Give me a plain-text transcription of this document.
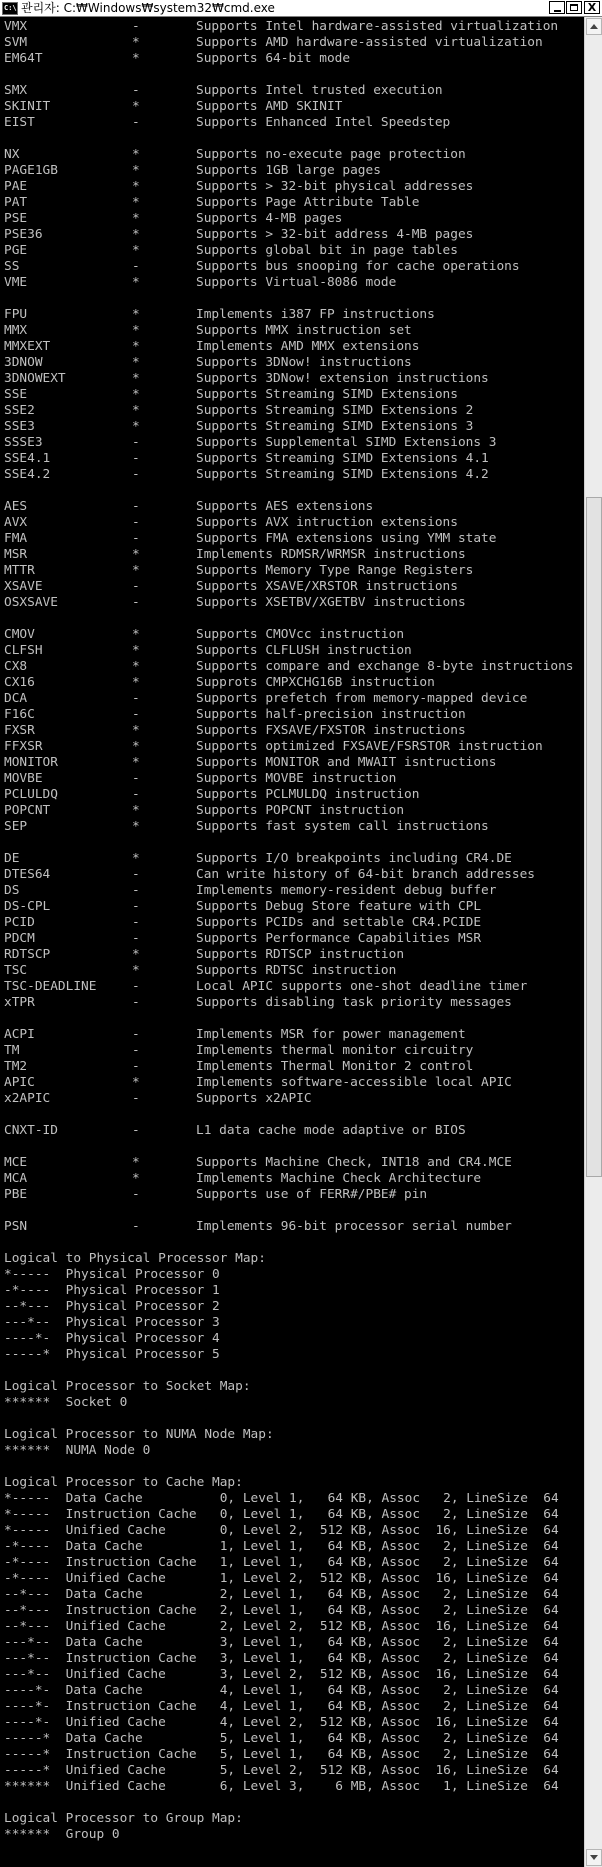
C:\ 관리자: C:₩Windows₩system32₩cmd.exe	X
VMX	-	Supports Intel hardware-assisted virtualization
SVM	*	Supports AMD hardware-assisted virtualization
EM64T	*	Supports 64-bit mode
SMX	-	Supports Intel trusted execution
SKINIT	*	Supports AMD SKINIT
EIST	-	Supports Enhanced Intel Speedstep
NX	*	Supports no-execute page protection
PAGE1GB	*	Supports 1GB large pages
PAE	*	Supports > 32-bit physical addresses
PAT	*	Supports Page Attribute Table
PSE	*	Supports 4-MB pages
PSE36	*	Supports > 32-bit address 4-MB pages
PGE	*	Supports global bit in page tables
SS	-	Supports bus snooping for cache operations
VME	*	Supports Virtual-8086 mode
FPU	*	Implements i387 FP instructions
MMX	*	Supports MMX instruction set
MMXEXT	*	Implements AMD MMX extensions
3DNOW	*	Supports 3DNow! instructions
3DNOWEXT	*	Supports 3DNow! extension instructions
SSE	*	Supports Streaming SIMD Extensions
SSE2	*	Supports Streaming SIMD Extensions 2
SSE3	*	Supports Streaming SIMD Extensions 3
SSSE3	-	Supports Supplemental SIMD Extensions 3
SSE4.1	-	Supports Streaming SIMD Extensions 4.1
SSE4.2	-	Supports Streaming SIMD Extensions 4.2
AES	-	Supports AES extensions
AVX	-	Supports AVX intruction extensions
FMA	-	Supports FMA extensions using YMM state
MSR	*	Implements RDMSR/WRMSR instructions
MTTR	*	Supports Memory Type Range Registers
XSAVE	-	Supports XSAVE/XRSTOR instructions
OSXSAVE	-	Supports XSETBV/XGETBV instructions
CMOV	*	Supports CMOVcc instruction
CLFSH	*	Supports CLFLUSH instruction
CX8	*	Supports compare and exchange 8-byte instructions
CX16	*	Supprots CMPXCHG16B instruction
DCA	-	Supports prefetch from memory-mapped device
F16C	-	Supports half-precision instruction
FXSR	*	Supports FXSAVE/FXSTOR instructions
FFXSR	*	Supports optimized FXSAVE/FSRSTOR instruction
MONITOR	*	Supports MONITOR and MWAIT isntructions
MOVBE	-	Supports MOVBE instruction
PCLULDQ	-	Supports PCLMULDQ instruction
POPCNT	*	Supports POPCNT instruction
SEP	*	Supports fast system call instructions
DE	*	Supports I/O breakpoints including CR4.DE
DTES64	-	Can write history of 64-bit branch addresses
DS	-	Implements memory-resident debug buffer
DS-CPL	-	Supports Debug Store feature with CPL
PCID	-	Supports PCIDs and settable CR4.PCIDE
PDCM	-	Supports Performance Capabilities MSR
RDTSCP	*	Supports RDTSCP instruction
TSC	*	Supports RDTSC instruction
TSC-DEADLINE	-	Local APIC supports one-shot deadline timer
xTPR	-	Supports disabling task priority messages
ACPI	-	Implements MSR for power management
TM	-	Implements thermal monitor circuitry
TM2	-	Implements Thermal Monitor 2 control
APIC	*	Implements software-accessible local APIC
x2APIC	-	Supports x2APIC
CNXT-ID	-	L1 data cache mode adaptive or BIOS
MCE	*	Supports Machine Check, INT18 and CR4.MCE
MCA	*	Implements Machine Check Architecture
PBE	-	Supports use of FERR#/PBE# pin
PSN	-	Implements 96-bit processor serial number
Logical to Physical Processor Map:
*-----  Physical Processor 0
-*----  Physical Processor 1
--*---  Physical Processor 2
---*--  Physical Processor 3
----*-  Physical Processor 4
-----*  Physical Processor 5
Logical Processor to Socket Map:
******  Socket 0
Logical Processor to NUMA Node Map:
******  NUMA Node 0
Logical Processor to Cache Map:
*-----  Data Cache          0, Level 1,   64 KB, Assoc   2, LineSize  64
*-----  Instruction Cache   0, Level 1,   64 KB, Assoc   2, LineSize  64
*-----  Unified Cache       0, Level 2,  512 KB, Assoc  16, LineSize  64
-*----  Data Cache          1, Level 1,   64 KB, Assoc   2, LineSize  64
-*----  Instruction Cache   1, Level 1,   64 KB, Assoc   2, LineSize  64
-*----  Unified Cache       1, Level 2,  512 KB, Assoc  16, LineSize  64
--*---  Data Cache          2, Level 1,   64 KB, Assoc   2, LineSize  64
--*---  Instruction Cache   2, Level 1,   64 KB, Assoc   2, LineSize  64
--*---  Unified Cache       2, Level 2,  512 KB, Assoc  16, LineSize  64
---*--  Data Cache          3, Level 1,   64 KB, Assoc   2, LineSize  64
---*--  Instruction Cache   3, Level 1,   64 KB, Assoc   2, LineSize  64
---*--  Unified Cache       3, Level 2,  512 KB, Assoc  16, LineSize  64
----*-  Data Cache          4, Level 1,   64 KB, Assoc   2, LineSize  64
----*-  Instruction Cache   4, Level 1,   64 KB, Assoc   2, LineSize  64
----*-  Unified Cache       4, Level 2,  512 KB, Assoc  16, LineSize  64
-----*  Data Cache          5, Level 1,   64 KB, Assoc   2, LineSize  64
-----*  Instruction Cache   5, Level 1,   64 KB, Assoc   2, LineSize  64
-----*  Unified Cache       5, Level 2,  512 KB, Assoc  16, LineSize  64
******  Unified Cache       6, Level 3,    6 MB, Assoc   1, LineSize  64
Logical Processor to Group Map:
******  Group 0
